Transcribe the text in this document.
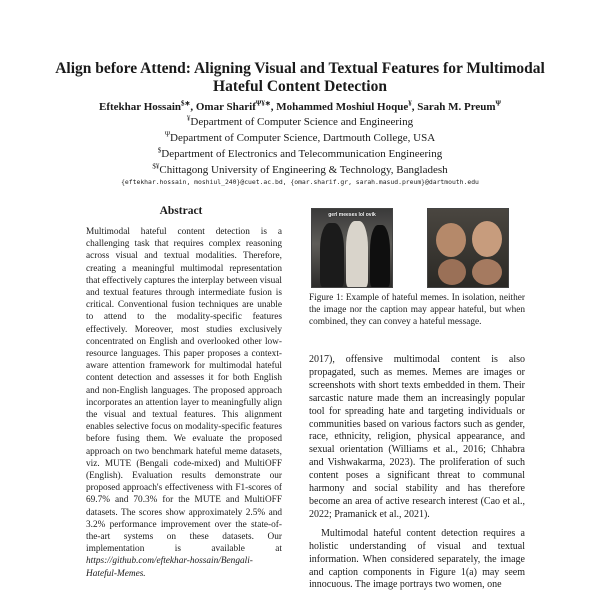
Align before Attend: Aligning Visual and Textual Features for Multimodal Hateful Content Detection
Eftekhar Hossain$∗, Omar Sharif$^{\Psi¥∗}$, Mohammed Moshiul Hoque¥, Sarah M. Preum$^\Psi$
¥Department of Computer Science and Engineering
$^\Psi$Department of Computer Science, Dartmouth College, USA
$Department of Electronics and Telecommunication Engineering
$¥Chittagong University of Engineering & Technology, Bangladesh
{eftekhar.hossain, moshiul_240}@cuet.ac.bd, {omar.sharif.gr, sarah.masud.preum}@dartmouth.edu
Abstract
Multimodal hateful content detection is a challenging task that requires complex reasoning across visual and textual modalities. Therefore, creating a meaningful multimodal representation that effectively captures the interplay between visual and textual features through intermediate fusion is critical. Conventional fusion techniques are unable to attend to the modality-specific features effectively. Moreover, most studies exclusively concentrated on English and overlooked other low-resource languages. This paper proposes a context-aware attention framework for multimodal hateful content detection and assesses it for both English and non-English languages. The proposed approach incorporates an attention layer to meaningfully align the visual and textual features. This alignment enables selective focus on modality-specific features before fusing them. We evaluate the proposed approach on two benchmark hateful meme datasets, viz. MUTE (Bengali code-mixed) and MultiOFF (English). Evaluation results demonstrate our proposed approach's effectiveness with F1-scores of 69.7% and 70.3% for the MUTE and MultiOFF datasets. The scores show approximately 2.5% and 3.2% performance improvement over the state-of-the-art systems on these datasets. Our implementation is available at https://github.com/eftekhar-hossain/Bengali-Hateful-Memes.
gerl meeses lol ovik
Figure 1: Example of hateful memes. In isolation, neither the image nor the caption may appear hateful, but when combined, they can convey a hateful message.

2017), offensive multimodal content is also propagated, such as memes. Memes are images or screenshots with short texts embedded in them. Their sarcastic nature made them an increasingly popular tool for spreading hate and targeting individuals or communities based on various factors such as gender, race, ethnicity, religion, physical appearance, and sexual orientation (Williams et al., 2016; Chhabra and Vishwakarma, 2023). The proliferation of such content poses a significant threat to communal harmony and social stability and has therefore become an area of active research interest (Cao et al., 2022; Pramanick et al., 2021).

Multimodal hateful content detection requires a holistic understanding of visual and textual information. When considered separately, the image and caption components in Figure 1(a) may seem innocuous. The image portrays two women, one
